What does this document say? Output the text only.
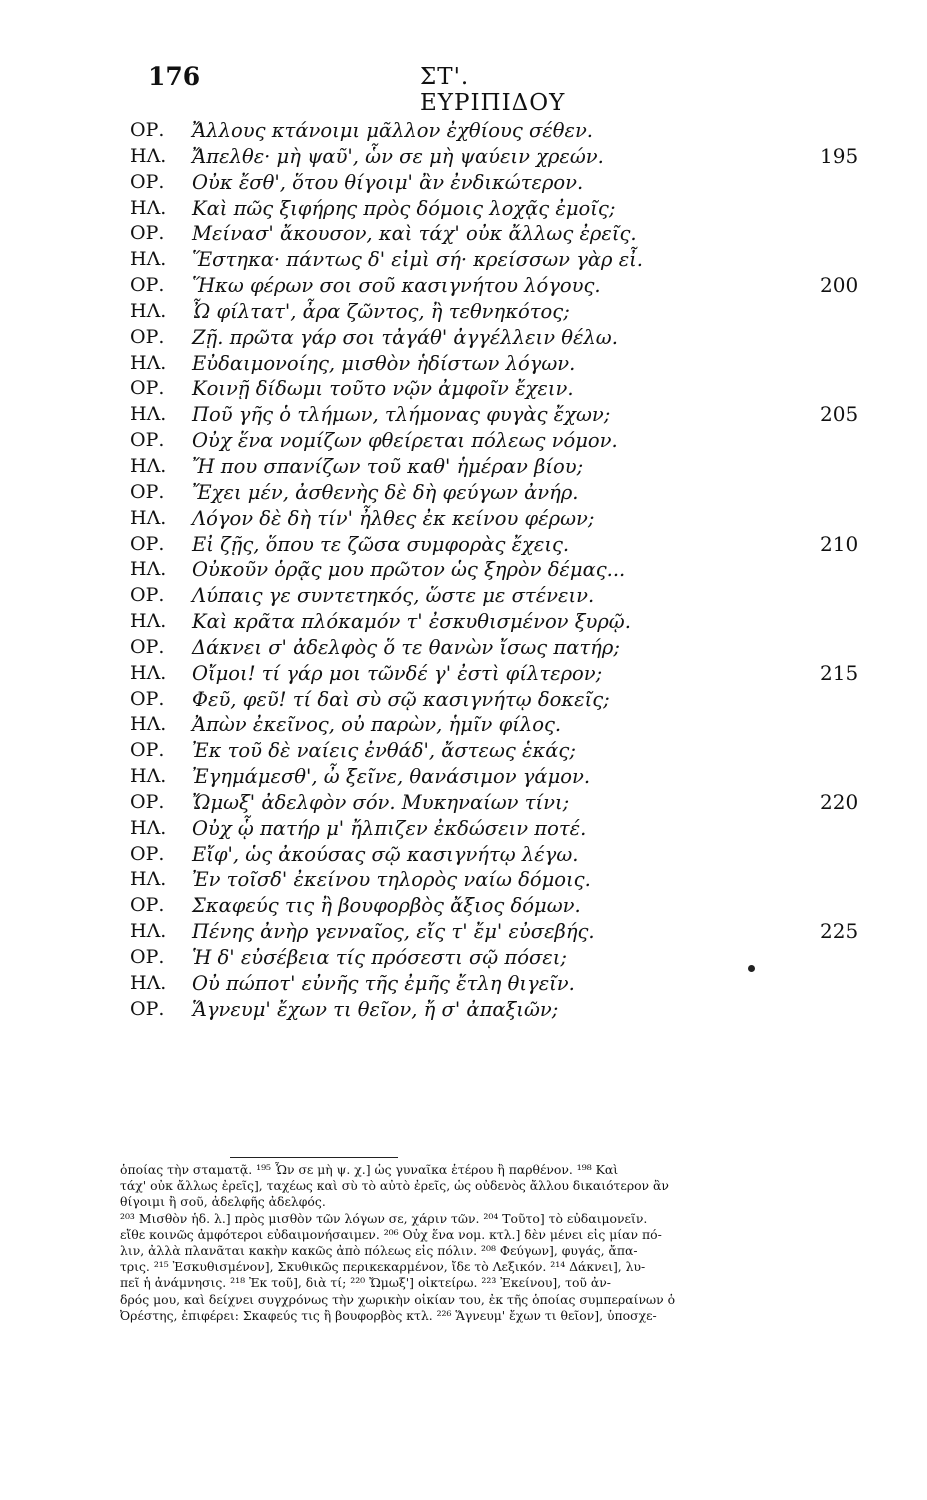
176	ΣΤ'. ΕΥΡΙΠΙΔΟΥ
ΟΡ.	Ἄλλους κτάνοιμι μᾶλλον ἐχθίους σέθεν.
ΗΛ.	Ἄπελθε· μὴ ψαῦ', ὧν σε μὴ ψαύειν χρεών.	195
ΟΡ.	Οὐκ ἔσθ', ὅτου θίγοιμ' ἂν ἐνδικώτερον.
ΗΛ.	Καὶ πῶς ξιφήρης πρὸς δόμοις λοχᾷς ἐμοῖς;
ΟΡ.	Μείνασ' ἄκουσον, καὶ τάχ' οὐκ ἄλλως ἐρεῖς.
ΗΛ.	Ἕστηκα· πάντως δ' εἰμὶ σή· κρείσσων γὰρ εἶ.
ΟΡ.	Ἥκω φέρων σοι σοῦ κασιγνήτου λόγους.	200
ΗΛ.	Ὦ φίλτατ', ἆρα ζῶντος, ἢ τεθνηκότος;
ΟΡ.	Ζῇ. πρῶτα γάρ σοι τἀγάθ' ἀγγέλλειν θέλω.
ΗΛ.	Εὐδαιμονοίης, μισθὸν ἡδίστων λόγων.
ΟΡ.	Κοινῇ δίδωμι τοῦτο νῷν ἀμφοῖν ἔχειν.
ΗΛ.	Ποῦ γῆς ὁ τλήμων, τλήμονας φυγὰς ἔχων;	205
ΟΡ.	Οὐχ ἕνα νομίζων φθείρεται πόλεως νόμον.
ΗΛ.	Ἤ που σπανίζων τοῦ καθ' ἡμέραν βίου;
ΟΡ.	Ἔχει μέν, ἀσθενὴς δὲ δὴ φεύγων ἀνήρ.
ΗΛ.	Λόγον δὲ δὴ τίν' ἦλθες ἐκ κείνου φέρων;
ΟΡ.	Εἰ ζῇς, ὅπου τε ζῶσα συμφορὰς ἔχεις.	210
ΗΛ.	Οὐκοῦν ὁρᾷς μου πρῶτον ὡς ξηρὸν δέμας...
ΟΡ.	Λύπαις γε συντετηκός, ὥστε με στένειν.
ΗΛ.	Καὶ κρᾶτα πλόκαμόν τ' ἐσκυθισμένον ξυρῷ.
ΟΡ.	Δάκνει σ' ἀδελφὸς ὅ τε θανὼν ἴσως πατήρ;
ΗΛ.	Οἴμοι! τί γάρ μοι τῶνδέ γ' ἐστὶ φίλτερον;	215
ΟΡ.	Φεῦ, φεῦ! τί δαὶ σὺ σῷ κασιγνήτῳ δοκεῖς;
ΗΛ.	Ἀπὼν ἐκεῖνος, οὐ παρὼν, ἡμῖν φίλος.
ΟΡ.	Ἐκ τοῦ δὲ ναίεις ἐνθάδ', ἄστεως ἑκάς;
ΗΛ.	Ἐγημάμεσθ', ὦ ξεῖνε, θανάσιμον γάμον.
ΟΡ.	Ὤμωξ' ἀδελφὸν σόν. Μυκηναίων τίνι;	220
ΗΛ.	Οὐχ ᾧ πατήρ μ' ἤλπιζεν ἐκδώσειν ποτέ.
ΟΡ.	Εἴφ', ὡς ἀκούσας σῷ κασιγνήτῳ λέγω.
ΗΛ.	Ἐν τοῖσδ' ἐκείνου τηλορὸς ναίω δόμοις.
ΟΡ.	Σκαφεύς τις ἢ βουφορβὸς ἄξιος δόμων.
ΗΛ.	Πένης ἀνὴρ γενναῖος, εἴς τ' ἔμ' εὐσεβής.	225
ΟΡ.	Ἡ δ' εὐσέβεια τίς πρόσεστι σῷ πόσει;
ΗΛ.	Οὐ πώποτ' εὐνῆς τῆς ἐμῆς ἔτλη θιγεῖν.
ΟΡ.	Ἅγνευμ' ἔχων τι θεῖον, ἤ σ' ἀπαξιῶν;
ὁποίας τὴν σταματᾷ. ¹⁹⁵ Ὧν σε μὴ ψ. χ.] ὡς γυναῖκα ἑτέρου ἢ παρθένον. ¹⁹⁸ Καὶ
τάχ' οὐκ ἄλλως ἐρεῖς], ταχέως καὶ σὺ τὸ αὐτὸ ἐρεῖς, ὡς οὐδενὸς ἄλλου δικαιότερον ἂν
θίγοιμι ἢ σοῦ, ἀδελφῆς ἀδελφός.
²⁰³ Μισθὸν ἡδ. λ.] πρὸς μισθὸν τῶν λόγων σε, χάριν τῶν. ²⁰⁴ Τοῦτο] τὸ εὐδαιμονεῖν.
εἴθε κοινῶς ἀμφότεροι εὐδαιμονήσαιμεν. ²⁰⁶ Οὐχ ἕνα νομ. κτλ.] δὲν μένει εἰς μίαν πό-
λιν, ἀλλὰ πλανᾶται κακὴν κακῶς ἀπὸ πόλεως εἰς πόλιν. ²⁰⁸ Φεύγων], φυγάς, ἄπα-
τρις. ²¹⁵ Ἐσκυθισμένον], Σκυθικῶς περικεκαρμένον, ἴδε τὸ Λεξικόν. ²¹⁴ Δάκνει], λυ-
πεῖ ἡ ἀνάμνησις. ²¹⁸ Ἐκ τοῦ], διὰ τί; ²²⁰ Ὤμωξ'] οἰκτείρω. ²²³ Ἐκείνου], τοῦ ἀν-
δρός μου, καὶ δείχνει συγχρόνως τὴν χωρικὴν οἰκίαν του, ἐκ τῆς ὁποίας συμπεραίνων ὁ
Ὀρέστης, ἐπιφέρει: Σκαφεύς τις ἢ βουφορβὸς κτλ. ²²⁶ Ἅγνευμ' ἔχων τι θεῖον], ὑποσχε-
